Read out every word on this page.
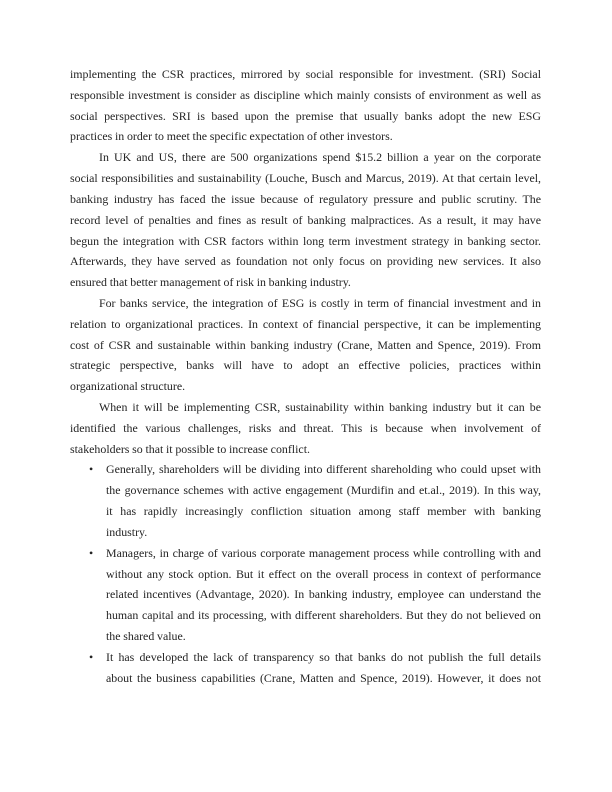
implementing the CSR practices, mirrored by social responsible for investment. (SRI) Social
responsible investment is consider as discipline which mainly consists of environment as well as
social perspectives. SRI is based upon the premise that usually banks adopt the new ESG
practices in order to meet the specific expectation of other investors.
In UK and US, there are 500 organizations spend $15.2 billion a year on the corporate
social responsibilities and sustainability (Louche, Busch and Marcus, 2019). At that certain level,
banking industry has faced the issue because of regulatory pressure and public scrutiny. The
record level of penalties and fines as result of banking malpractices. As a result, it may have
begun the integration with CSR factors within long term investment strategy in banking sector.
Afterwards, they have served as foundation not only focus on providing new services. It also
ensured that better management of risk in banking industry.
For banks service, the integration of ESG is costly in term of financial investment and in
relation to organizational practices. In context of financial perspective, it can be implementing
cost of CSR and sustainable within banking industry (Crane, Matten and Spence, 2019). From
strategic perspective, banks will have to adopt an effective policies, practices within
organizational structure.
When it will be implementing CSR, sustainability within banking industry but it can be
identified the various challenges, risks and threat. This is because when involvement of
stakeholders so that it possible to increase conflict.
• Generally, shareholders will be dividing into different shareholding who could upset with
the governance schemes with active engagement (Murdifin and et.al., 2019). In this way,
it has rapidly increasingly confliction situation among staff member with banking
industry.
• Managers, in charge of various corporate management process while controlling with and
without any stock option. But it effect on the overall process in context of performance
related incentives (Advantage, 2020). In banking industry, employee can understand the
human capital and its processing, with different shareholders. But they do not believed on
the shared value.
• It has developed the lack of transparency so that banks do not publish the full details
about the business capabilities (Crane, Matten and Spence, 2019). However, it does not
